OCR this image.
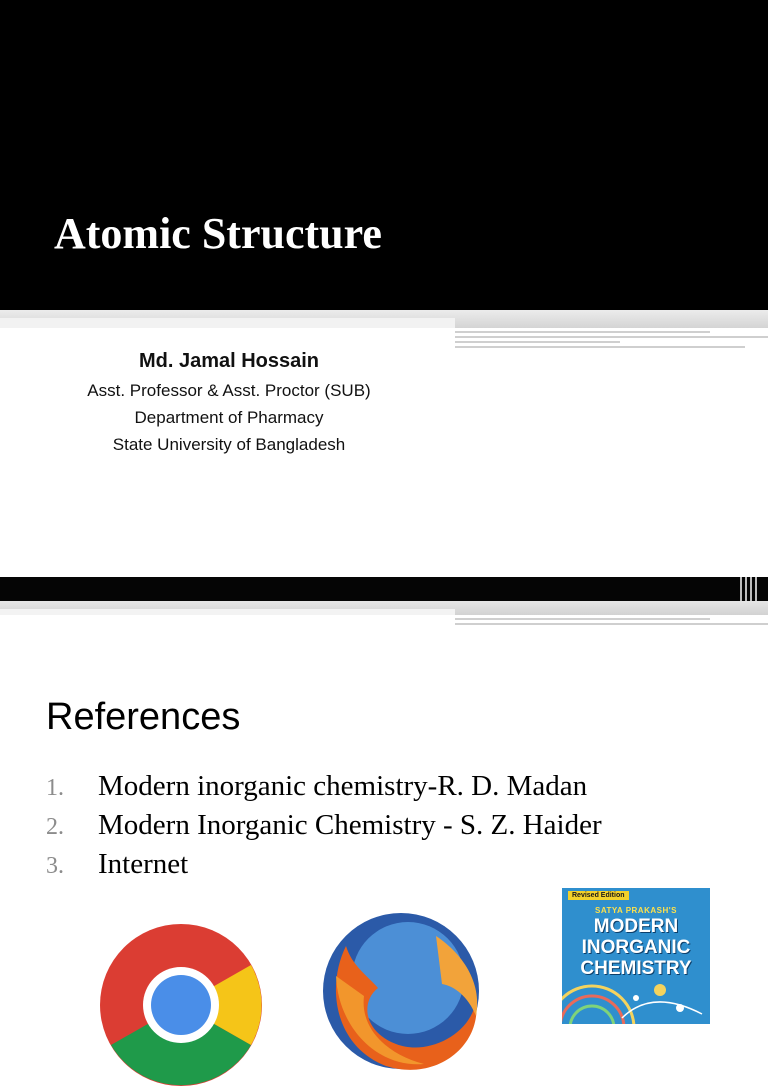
Atomic Structure

Md. Jamal Hossain

Asst. Professor & Asst. Proctor (SUB)

Department of Pharmacy

State University of Bangladesh

References
1.	Modern inorganic chemistry-R. D. Madan
2.	Modern Inorganic Chemistry - S. Z. Haider
3.	Internet
Revised Edition
SATYA PRAKASH'S
MODERN
INORGANIC
CHEMISTRY
